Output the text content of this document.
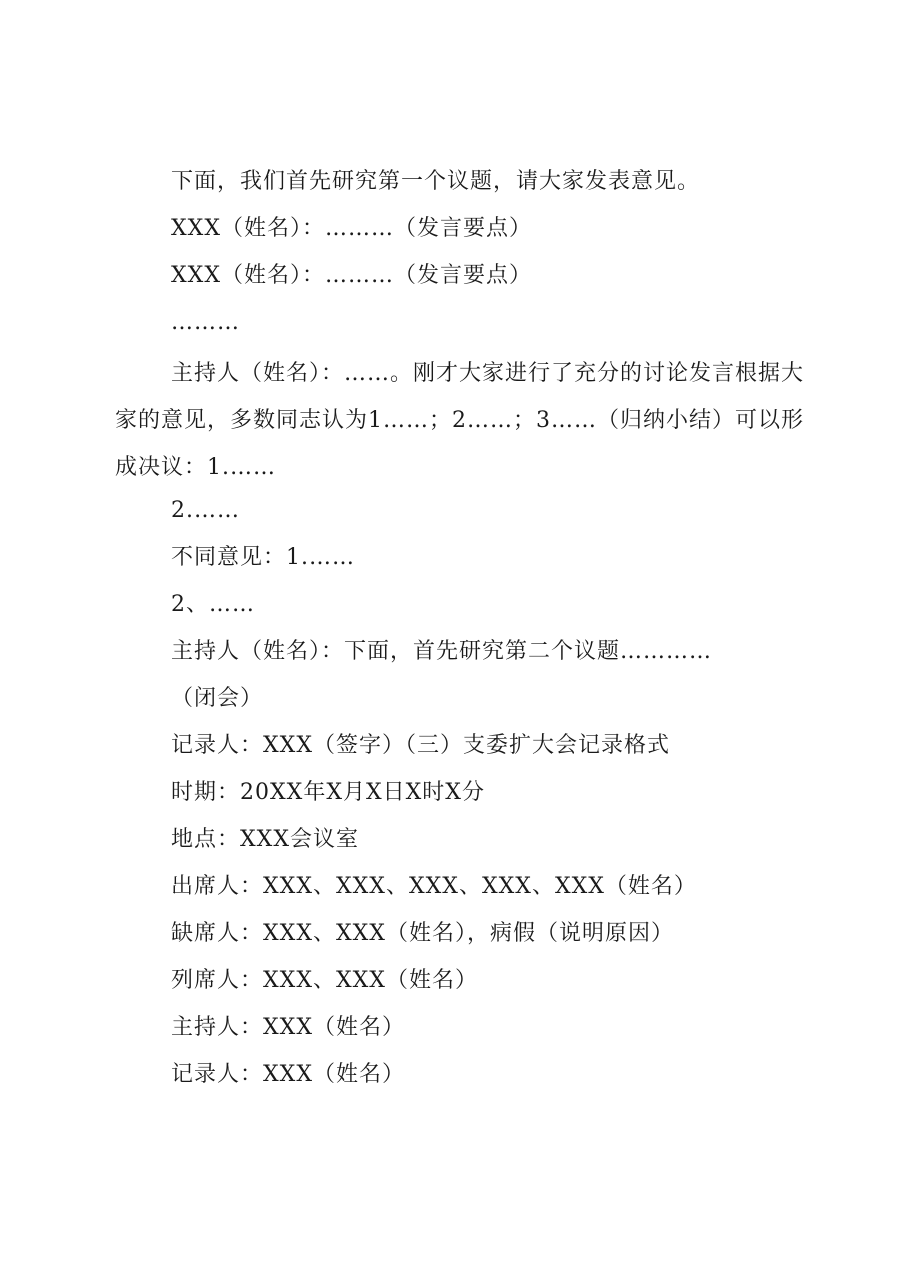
下面，我们首先研究第一个议题，请大家发表意见。
XXX（姓名）：………（发言要点）
XXX（姓名）：………（发言要点）
………
主持人（姓名）：……。刚才大家进行了充分的讨论发言根据大家的意见，多数同志认为1……；2……；3……（归纳小结）可以形成决议：1.……
2.……
不同意见：1.……
2、……
主持人（姓名）：下面，首先研究第二个议题…………
（闭会）
记录人：XXX（签字）（三）支委扩大会记录格式
时期：20XX年X月X日X时X分
地点：XXX会议室
出席人：XXX、XXX、XXX、XXX、XXX（姓名）
缺席人：XXX、XXX（姓名），病假（说明原因）
列席人：XXX、XXX（姓名）
主持人：XXX（姓名）
记录人：XXX（姓名）
